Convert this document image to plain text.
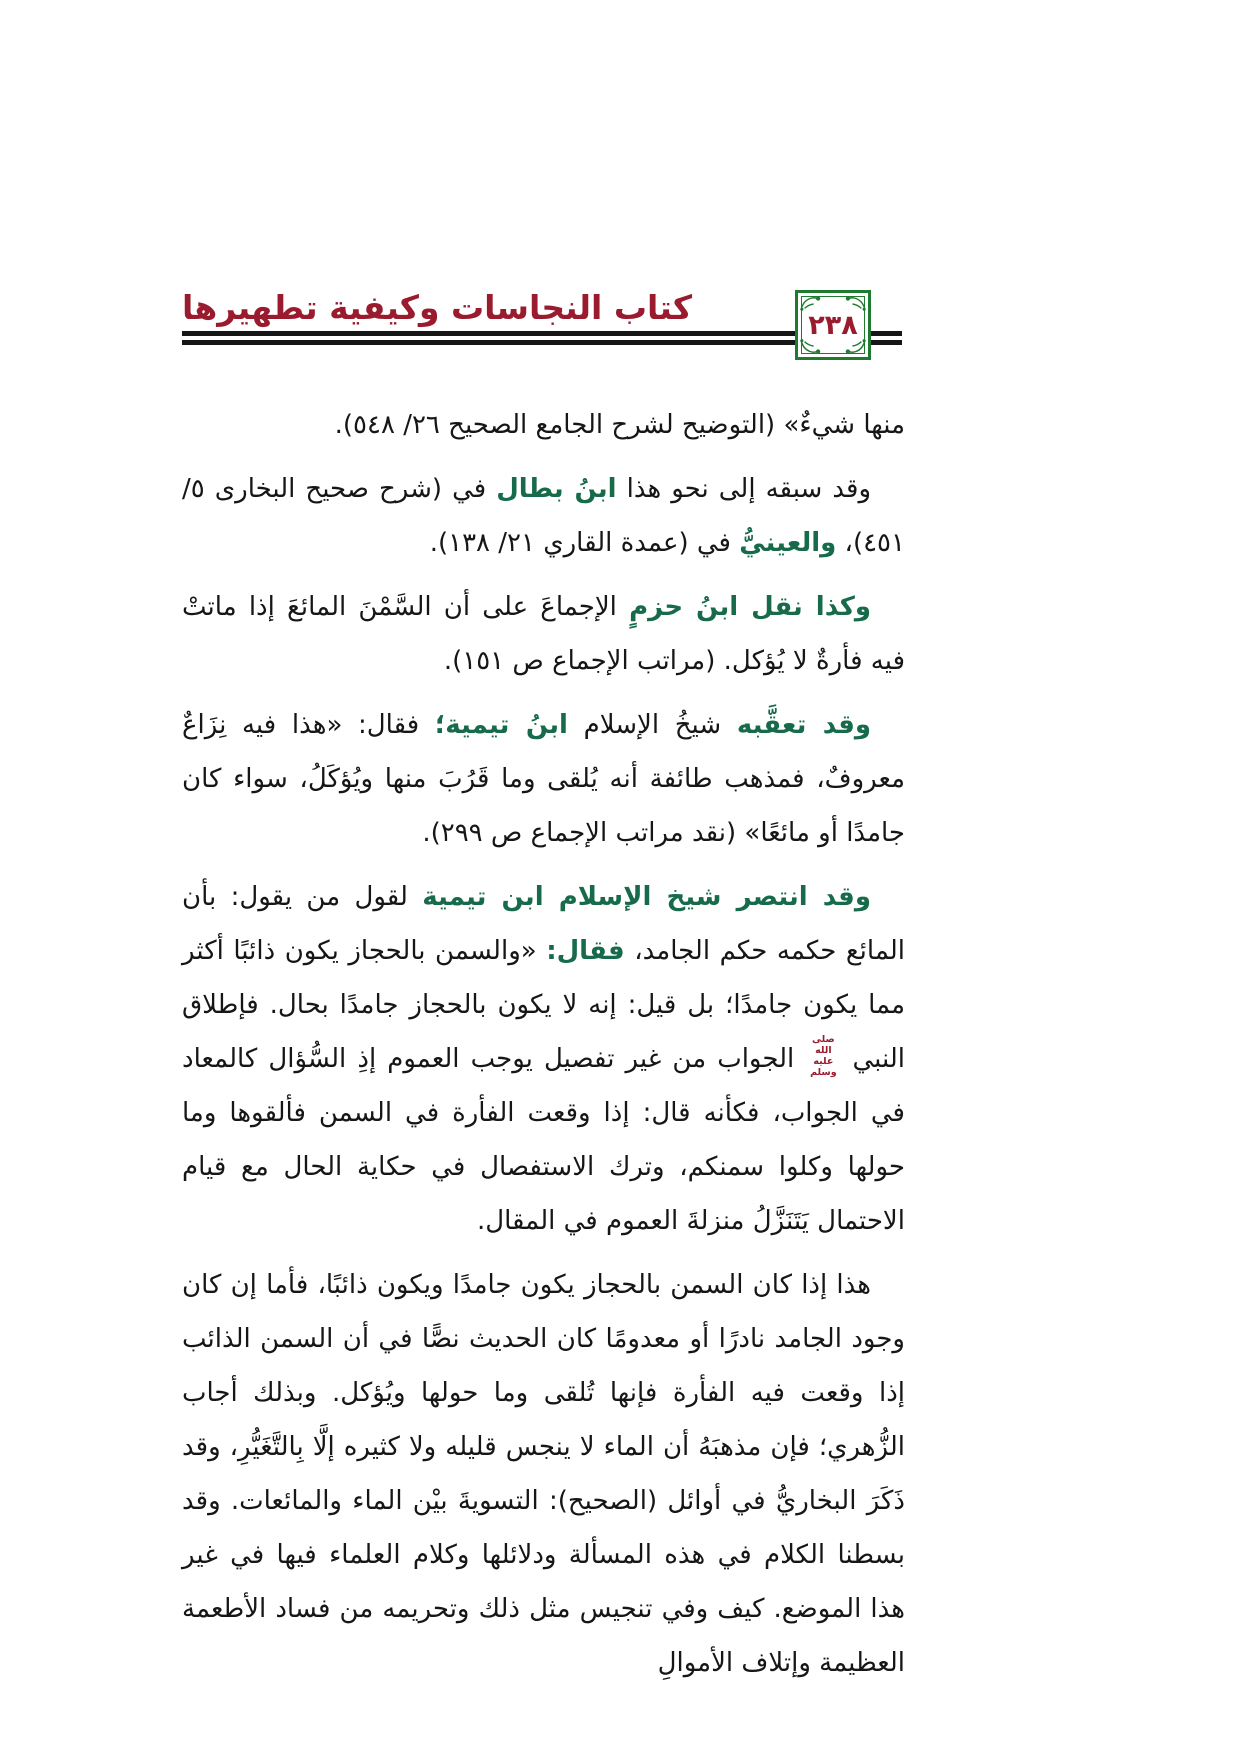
كتاب النجاسات وكيفية تطهيرها	٢٣٨

منها شيءٌ» (التوضيح لشرح الجامع الصحيح ٢٦/ ٥٤٨).

وقد سبقه إلى نحو هذا ابنُ بطال في (شرح صحيح البخارى ٥/ ٤٥١)، والعينيُّ في (عمدة القاري ٢١/ ١٣٨).

وكذا نقل ابنُ حزمٍ الإجماعَ على أن السَّمْنَ المائعَ إذا ماتتْ فيه فأرةٌ لا يُؤكل. (مراتب الإجماع ص ١٥١).

وقد تعقَّبه شيخُ الإسلام ابنُ تيمية؛ فقال: «هذا فيه نِزَاعٌ معروفٌ، فمذهب طائفة أنه يُلقى وما قَرُبَ منها ويُؤكَلُ، سواء كان جامدًا أو مائعًا» (نقد مراتب الإجماع ص ٢٩٩).

وقد انتصر شيخ الإسلام ابن تيمية لقول من يقول: بأن المائع حكمه حكم الجامد، فقال: «والسمن بالحجاز يكون ذائبًا أكثر مما يكون جامدًا؛ بل قيل: إنه لا يكون بالحجاز جامدًا بحال. فإطلاق النبي
صلى الله
عليه وسلم
الجواب من غير تفصيل يوجب العموم إذِ السُّؤال كالمعاد في الجواب، فكأنه قال: إذا وقعت الفأرة في السمن فألقوها وما حولها وكلوا سمنكم، وترك الاستفصال في حكاية الحال مع قيام الاحتمال يَتَنَزَّلُ منزلةَ العموم في المقال.

هذا إذا كان السمن بالحجاز يكون جامدًا ويكون ذائبًا، فأما إن كان وجود الجامد نادرًا أو معدومًا كان الحديث نصًّا في أن السمن الذائب إذا وقعت فيه الفأرة فإنها تُلقى وما حولها ويُؤكل. وبذلك أجاب الزُّهري؛ فإن مذهبَهُ أن الماء لا ينجس قليله ولا كثيره إلَّا بِالتَّغَيُّرِ، وقد ذَكَرَ البخاريُّ في أوائل (الصحيح): التسويةَ بيْن الماء والمائعات. وقد بسطنا الكلام في هذه المسألة ودلائلها وكلام العلماء فيها في غير هذا الموضع. كيف وفي تنجيس مثل ذلك وتحريمه من فساد الأطعمة العظيمة وإتلاف الأموالِ
